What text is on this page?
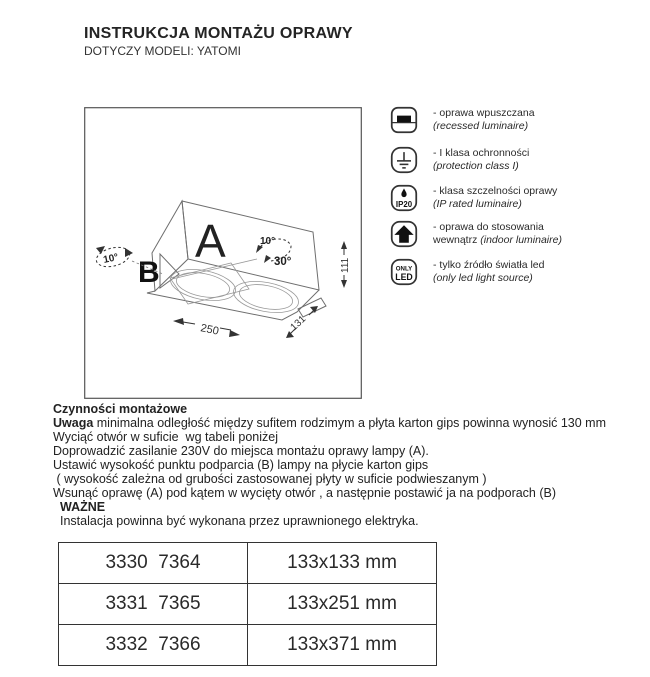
INSTRUKCJA MONTAŻU OPRAWY
DOTYCZY MODELI: YATOMI
A
B
10°
10°
30°
250	131
111
- oprawa wpuszczana
(recessed luminaire)
- I klasa ochronności
(protection class I)
IP20
- klasa szczelności oprawy
(IP rated luminaire)
- oprawa do stosowania
wewnątrz (indoor luminaire)
ONLY
LED
- tylko źródło światła led
(only led light source)
Czynności montażowe
Uwaga minimalna odległość między sufitem rodzimym a płyta karton gips powinna wynosić 130 mm
Wyciąć otwór w suficie  wg tabeli poniżej
Doprowadzić zasilanie 230V do miejsca montażu oprawy lampy (A).
Ustawić wysokość punktu podparcia (B) lampy na płycie karton gips
( wysokość zależna od grubości zastosowanej płyty w suficie podwieszanym )
Wsunąć oprawę (A) pod kątem w wycięty otwór , a następnie postawić ja na podporach (B)
WAŻNE
Instalacja powinna być wykonana przez uprawnionego elektryka.
3330  7364	133x133 mm
3331  7365	133x251 mm
3332  7366	133x371 mm
